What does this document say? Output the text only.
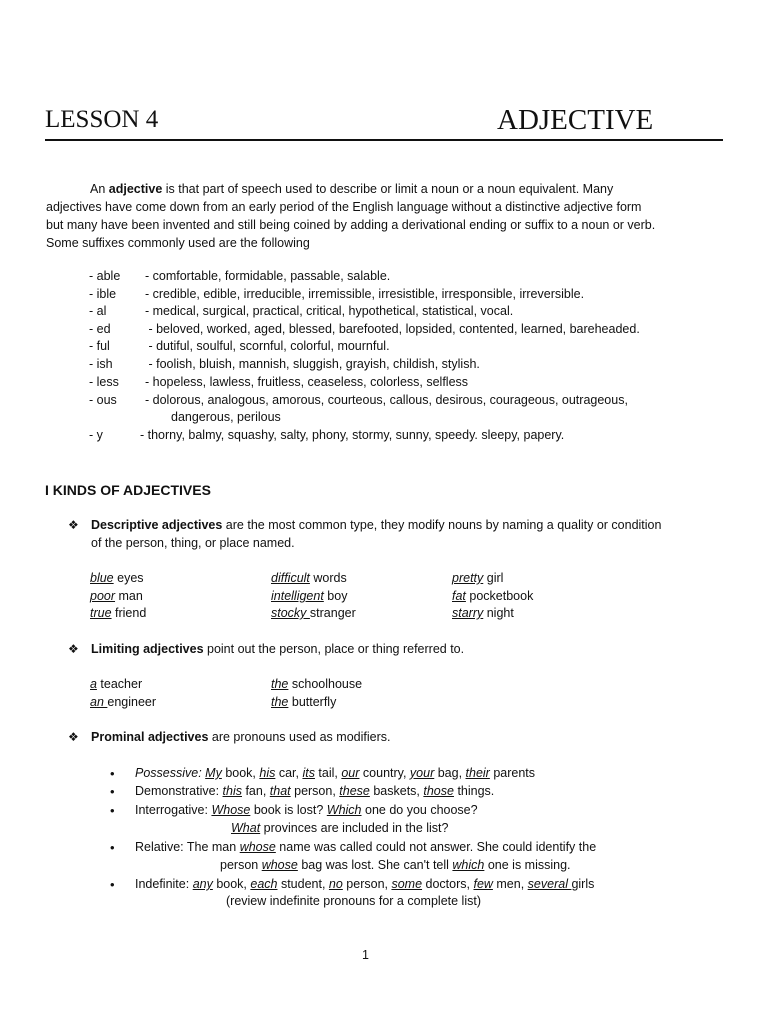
LESSON 4	ADJECTIVE

An adjective is that part of speech used to describe or limit a noun or a noun equivalent. Many

adjectives have come down from an early period of the English language without a distinctive adjective form

but many have been invented and still being coined by adding a derivational ending or suffix to a noun or verb.

Some suffixes commonly used are the following

- able - comfortable, formidable, passable, salable.
- ible - credible, edible, irreducible, irremissible, irresistible, irresponsible, irreversible.
- al	- medical, surgical, practical, critical, hypothetical, statistical, vocal.
- ed	- beloved, worked, aged, blessed, barefooted, lopsided, contented, learned, bareheaded.
- ful	- dutiful, soulful, scornful, colorful, mournful.
- ish	- foolish, bluish, mannish, sluggish, grayish, childish, stylish.
- less - hopeless, lawless, fruitless, ceaseless, colorless, selfless
- ous - dolorous, analogous, amorous, courteous, callous, desirous, courageous, outrageous,
dangerous, perilous
- y	- thorny, balmy, squashy, salty, phony, stormy, sunny, speedy. sleepy, papery.
I KINDS OF ADJECTIVES
❖ Descriptive adjectives are the most common type, they modify nouns by naming a quality or condition
of the person, thing, or place named.
blue eyes	difficult words	pretty girl
poor man	intelligent boy	fat pocketbook
true friend	stocky stranger	starry night
❖ Limiting adjectives point out the person, place or thing referred to.
a teacher	the schoolhouse
an engineer	the butterfly
❖ Prominal adjectives are pronouns used as modifiers.
• Possessive: My book, his car, its tail, our country, your bag, their parents
• Demonstrative: this fan, that person, these baskets, those things.
• Interrogative: Whose book is lost? Which one do you choose?
What provinces are included in the list?
• Relative: The man whose name was called could not answer. She could identify the
person whose bag was lost. She can't tell which one is missing.
• Indefinite: any book, each student, no person, some doctors, few men, several girls
(review indefinite pronouns for a complete list)
1
